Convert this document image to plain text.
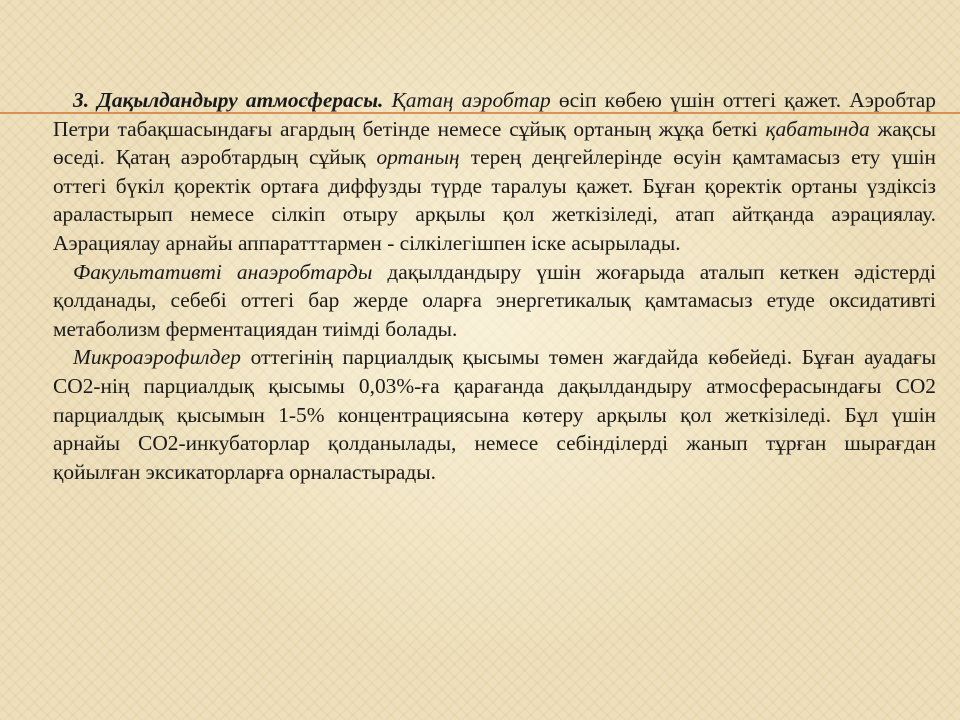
3. Дақылдандыру атмосферасы. Қатаң аэробтар өсіп көбею үшін оттегі қажет. Аэробтар Петри табақшасындағы агардың бетінде немесе сұйық ортаның жұқа беткі қабатында жақсы өседі. Қатаң аэробтардың сұйық ортаның терең деңгейлерінде өсуін қамтамасыз ету үшін оттегі бүкіл қоректік ортаға диффузды түрде таралуы қажет. Бұған қоректік ортаны үздіксіз араластырып немесе сілкіп отыру арқылы қол жеткізіледі, атап айтқанда аэрациялау. Аэрациялау арнайы аппаратттармен - сілкілегішпен іске асырылады.

Факультативті анаэробтарды дақылдандыру үшін жоғарыда аталып кеткен әдістерді қолданады, себебі оттегі бар жерде оларға энергетикалық қамтамасыз етуде оксидативті метаболизм ферментациядан тиімді болады.

Микроаэрофилдер оттегінің парциалдық қысымы төмен жағдайда көбейеді. Бұған ауадағы СО2-нің парциалдық қысымы 0,03%-ға қарағанда дақылдандыру атмосферасындағы СО2 парциалдық қысымын 1-5% концентрациясына көтеру арқылы қол жеткізіледі. Бұл үшін арнайы СО2-инкубаторлар қолданылады, немесе себінділерді жанып тұрған шырағдан қойылған эксикаторларға орналастырады.
